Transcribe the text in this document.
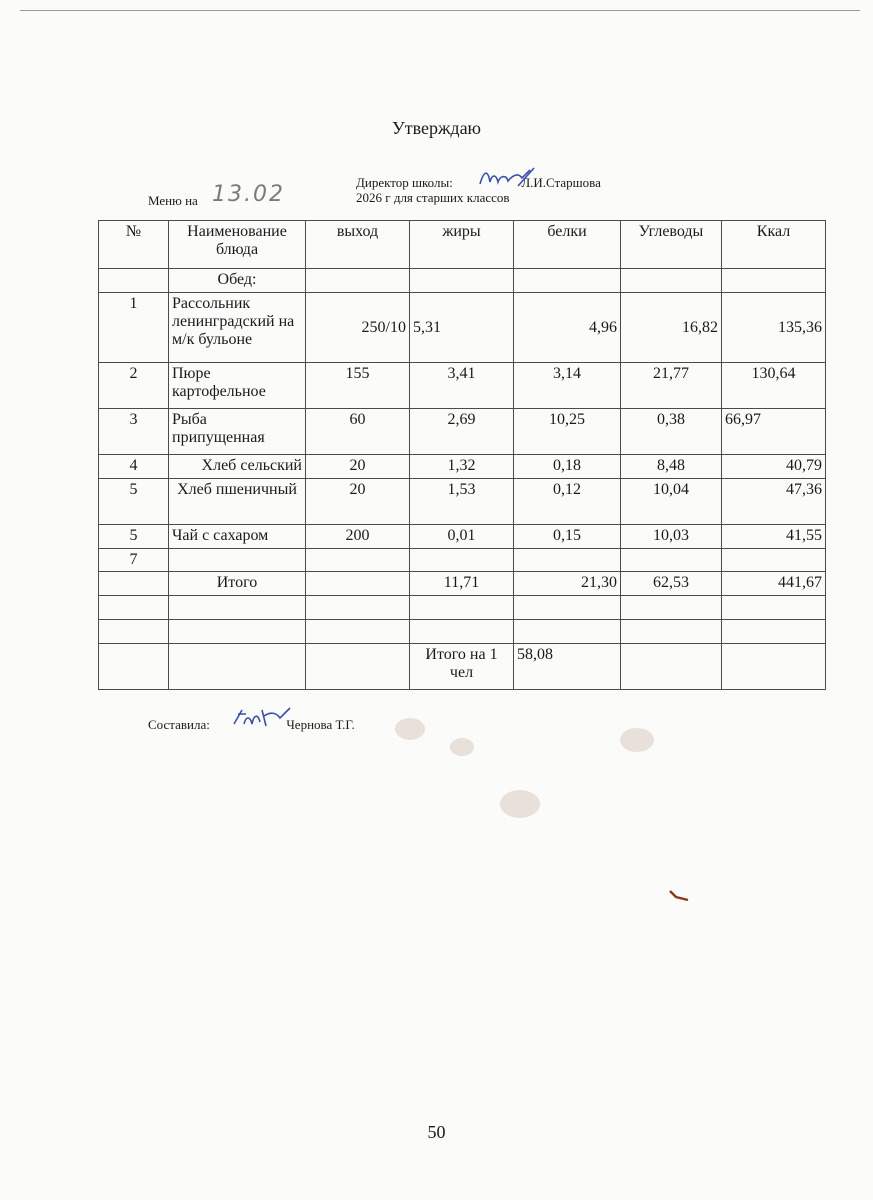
Утверждаю
Директор школы:	Л.И.Старшова
2026 г для старших классов
Меню на 13.02
№	Наименование блюда	выход	жиры	белки	Углеводы	Ккал
	Обед:					
1	Рассольник ленинградский на м/к бульоне	250/10	5,31	4,96	16,82	135,36
2	Пюре картофельное	155	3,41	3,14	21,77	130,64
3	Рыба припущенная	60	2,69	10,25	0,38	66,97
4	Хлеб сельский	20	1,32	0,18	8,48	40,79
5	Хлеб пшеничный	20	1,53	0,12	10,04	47,36
5	Чай с сахаром	200	0,01	0,15	10,03	41,55
7						
	Итого		11,71	21,30	62,53	441,67

			Итого на 1 чел	58,08		
Составила:	Чернова Т.Г.
50
